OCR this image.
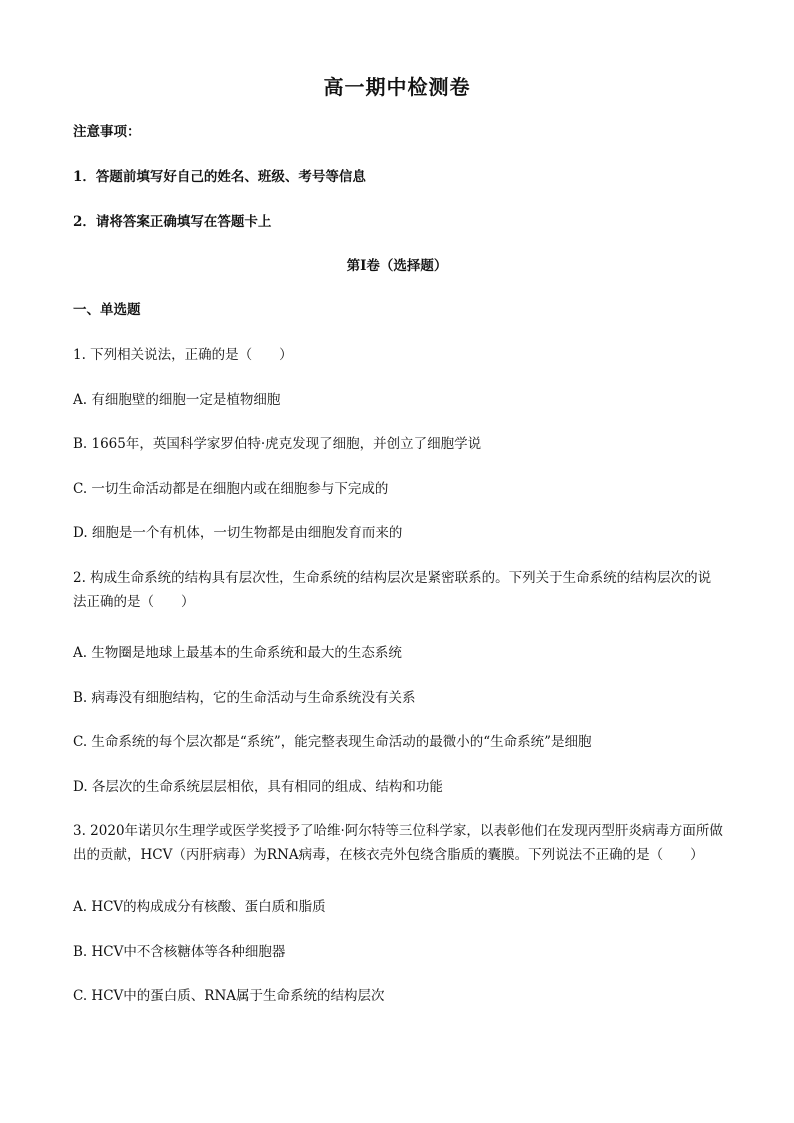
高一期中检测卷
注意事项：
1．答题前填写好自己的姓名、班级、考号等信息
2．请将答案正确填写在答题卡上
第I卷（选择题）
一、单选题
1. 下列相关说法，正确的是（　　）
A. 有细胞壁的细胞一定是植物细胞
B. 1665年，英国科学家罗伯特·虎克发现了细胞，并创立了细胞学说
C. 一切生命活动都是在细胞内或在细胞参与下完成的
D. 细胞是一个有机体，一切生物都是由细胞发育而来的
2. 构成生命系统的结构具有层次性，生命系统的结构层次是紧密联系的。下列关于生命系统的结构层次的说法正确的是（　　）
A. 生物圈是地球上最基本的生命系统和最大的生态系统
B. 病毒没有细胞结构，它的生命活动与生命系统没有关系
C. 生命系统的每个层次都是“系统”，能完整表现生命活动的最微小的“生命系统”是细胞
D. 各层次的生命系统层层相依，具有相同的组成、结构和功能
3. 2020年诺贝尔生理学或医学奖授予了哈维·阿尔特等三位科学家，以表彰他们在发现丙型肝炎病毒方面所做出的贡献，HCV（丙肝病毒）为RNA病毒，在核衣壳外包绕含脂质的囊膜。下列说法不正确的是（　　）
A. HCV的构成成分有核酸、蛋白质和脂质
B. HCV中不含核糖体等各种细胞器
C. HCV中的蛋白质、RNA属于生命系统的结构层次
